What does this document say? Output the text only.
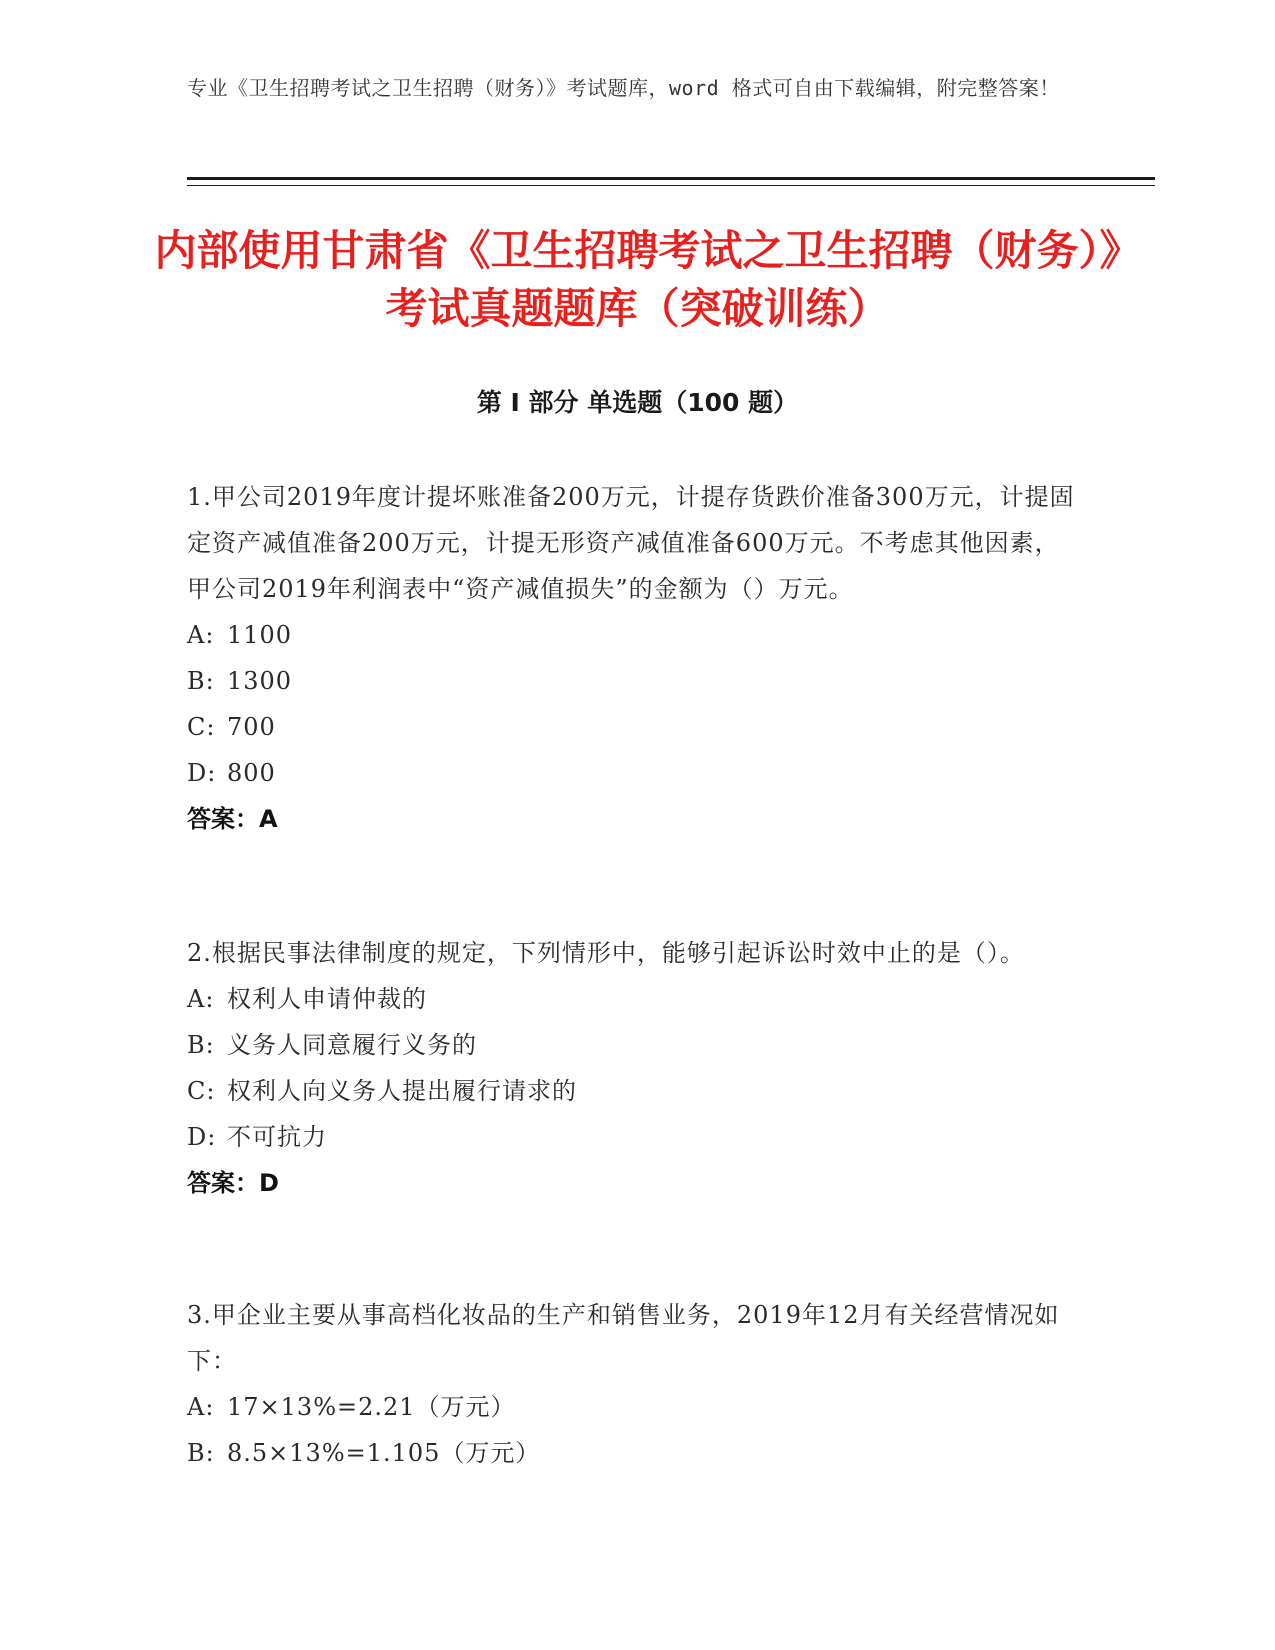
专业《卫生招聘考试之卫生招聘（财务）》考试题库，word 格式可自由下载编辑，附完整答案！
内部使用甘肃省《卫生招聘考试之卫生招聘（财务）》考试真题题库（突破训练）
第 I 部分 单选题（100 题）
1.甲公司2019年度计提坏账准备200万元，计提存货跌价准备300万元，计提固定资产减值准备200万元，计提无形资产减值准备600万元。不考虑其他因素，甲公司2019年利润表中“资产减值损失”的金额为（）万元。
A: 1100
B: 1300
C: 700
D: 800
答案：A
2.根据民事法律制度的规定，下列情形中，能够引起诉讼时效中止的是（）。
A: 权利人申请仲裁的
B: 义务人同意履行义务的
C: 权利人向义务人提出履行请求的
D: 不可抗力
答案：D
3.甲企业主要从事高档化妆品的生产和销售业务，2019年12月有关经营情况如下：
A: 17×13%=2.21（万元）
B: 8.5×13%=1.105（万元）
